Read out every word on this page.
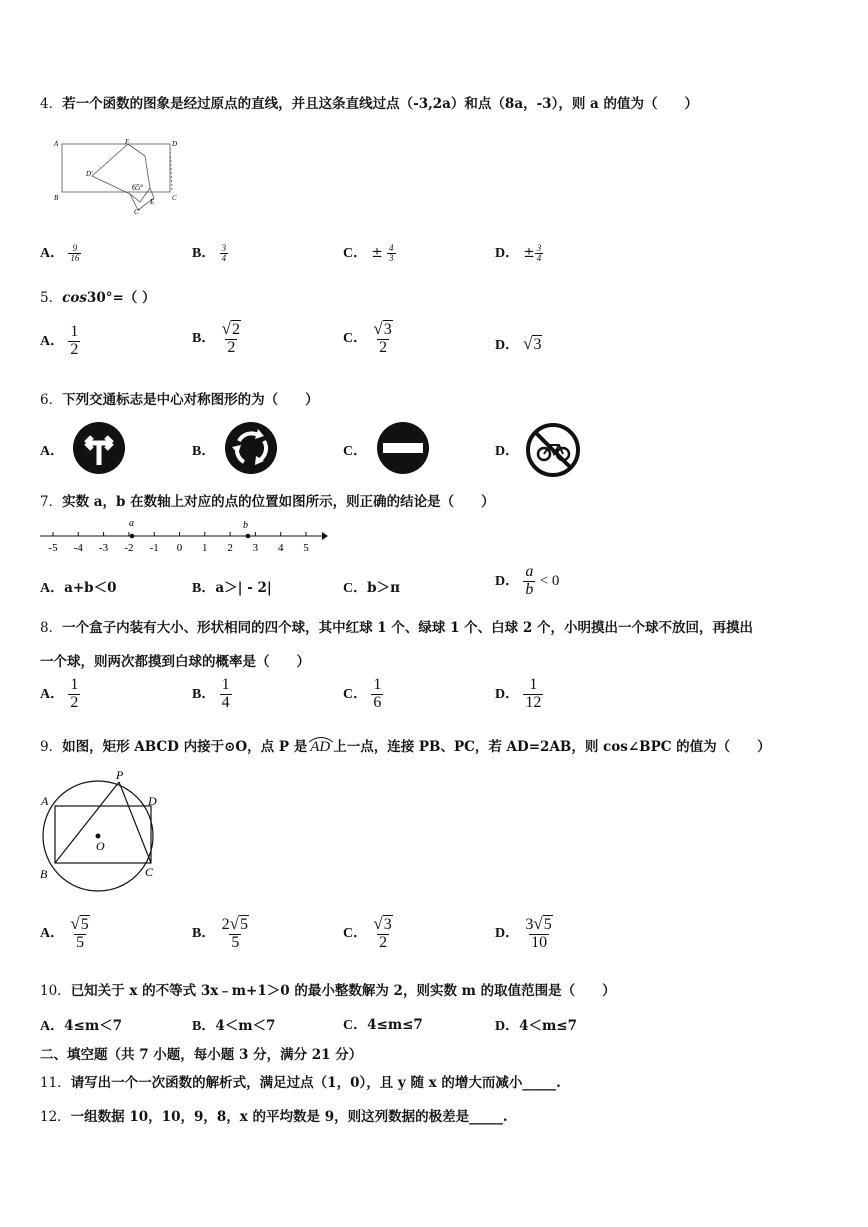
4．若一个函数的图象是经过原点的直线，并且这条直线过点（-3,2a）和点（8a，-3），则 a 的值为（　　）
A	F	D
D'
65°
B
C'
E	C
A． $\frac{9}{16}$	B． $\frac{3}{4}$	C． ± $\frac{4}{3}$	D． ± $\frac{3}{4}$
5．cos30°=（ ）
A． $\frac{1}{2}$	B． $\frac{√2}{2}$	C． $\frac{√3}{2}$	D． √3
6．下列交通标志是中心对称图形的为（　　）
A．	B．	C．	D．
7．实数 a，b 在数轴上对应的点的位置如图所示，则正确的结论是（　　）
-5 -4 -3 -2 -1 0 1 2 3 4 5
a	b
A．a+b＜0	B．a＞| - 2|	C．b＞π	D． $\frac{a}{b} < 0$
8．一个盒子内装有大小、形状相同的四个球，其中红球 1 个、绿球 1 个、白球 2 个，小明摸出一个球不放回，再摸出
一个球，则两次都摸到白球的概率是（　　）
A． $\frac{1}{2}$	B． $\frac{1}{4}$	C． $\frac{1}{6}$	D． $\frac{1}{12}$
9．如图，矩形 ABCD 内接于⊙O，点 P 是 AD 上一点，连接 PB、PC，若 AD=2AB，则 cos∠BPC 的值为（　　）
P
A	D
O
B	C
A． $\frac{√5}{5}$	B． $\frac{2√5}{5}$	C． $\frac{√3}{2}$	D． $\frac{3√5}{10}$
10．已知关于 x 的不等式 3x﹣m+1＞0 的最小整数解为 2，则实数 m 的取值范围是（　　）
A．4≤m＜7	B．4＜m＜7	C．4≤m≤7	D．4＜m≤7
二、填空题（共 7 小题，每小题 3 分，满分 21 分）
11．请写出一个一次函数的解析式，满足过点（1，0），且 y 随 x 的增大而减小_____.
12．一组数据 10，10，9，8，x 的平均数是 9，则这列数据的极差是_____.
